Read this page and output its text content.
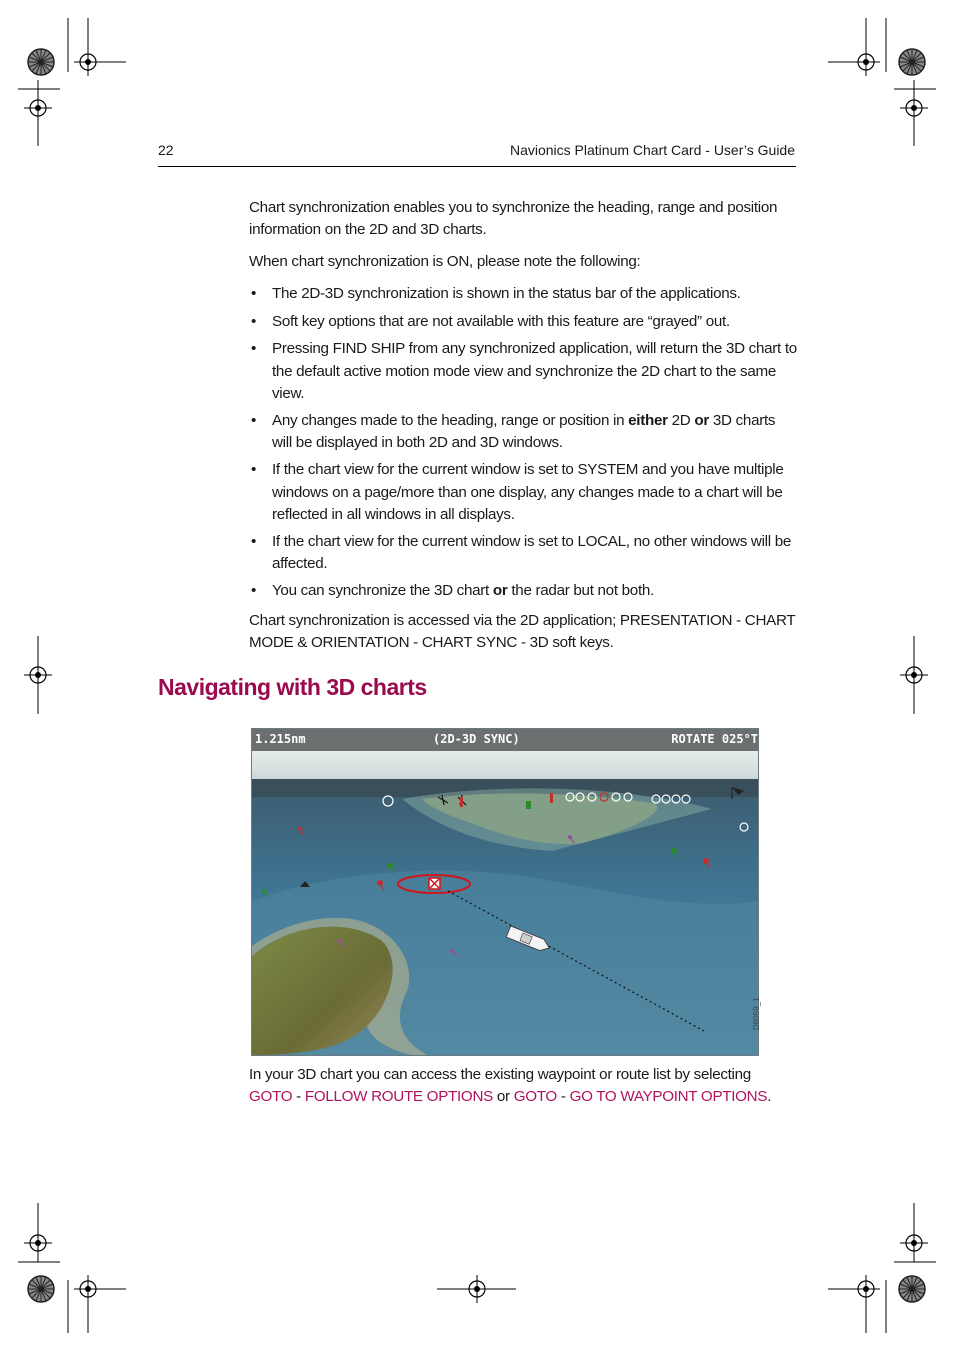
22	Navionics Platinum Chart Card - User’s Guide

Chart synchronization enables you to synchronize the heading, range and position information on the 2D and 3D charts.

When chart synchronization is ON, please note the following:

• The 2D-3D synchronization is shown in the status bar of the applications.
• Soft key options that are not available with this feature are “grayed” out.
• Pressing FIND SHIP from any synchronized application, will return the 3D chart to the default active motion mode view and synchronize the 2D chart to the same view.
• Any changes made to the heading, range or position in either 2D or 3D charts will be displayed in both 2D and 3D windows.
• If the chart view for the current window is set to SYSTEM and you have multiple windows on a page/more than one display, any changes made to a chart will be reflected in all windows in all displays.
• If the chart view for the current window is set to LOCAL, no other windows will be affected.
• You can synchronize the 3D chart or the radar but not both.

Chart synchronization is accessed via the 2D application; PRESENTATION - CHART MODE & ORIENTATION - CHART SYNC - 3D soft keys.

Navigating with 3D charts
1.215nm	(2D-3D SYNC)	ROTATE 025°T
D8059_1

In your 3D chart you can access the existing waypoint or route list by selecting GOTO - FOLLOW ROUTE OPTIONS or GOTO - GO TO WAYPOINT OPTIONS.
